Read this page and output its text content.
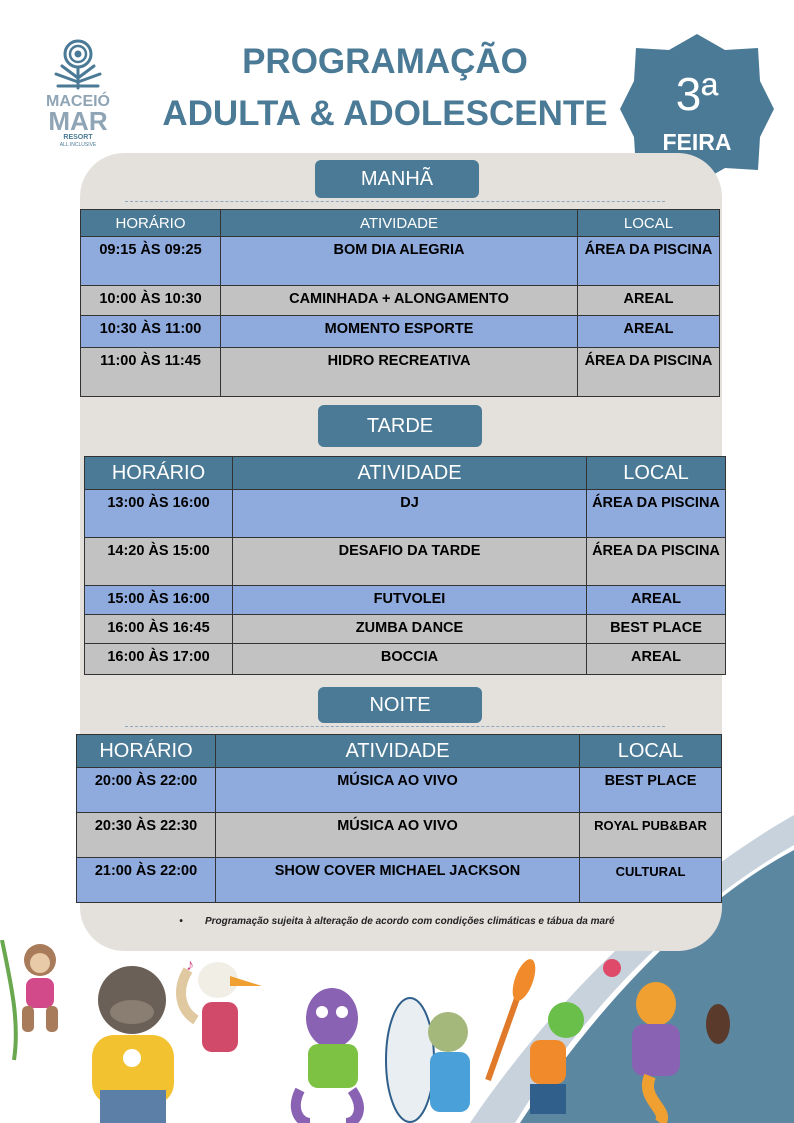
MACEIÓ
MAR
RESORT
ALL INCLUSIVE
PROGRAMAÇÃO
ADULTA & ADOLESCENTE 3ª
FEIRA
MANHÃ
HORÁRIO	ATIVIDADE	LOCAL
09:15 ÀS 09:25	BOM DIA ALEGRIA	ÁREA DA PISCINA
10:00 ÀS 10:30	CAMINHADA + ALONGAMENTO	AREAL
10:30 ÀS 11:00	MOMENTO ESPORTE	AREAL
11:00 ÀS 11:45	HIDRO RECREATIVA	ÁREA DA PISCINA
TARDE
HORÁRIO	ATIVIDADE	LOCAL
13:00 ÀS 16:00	DJ	ÁREA DA PISCINA
14:20 ÀS 15:00	DESAFIO DA TARDE	ÁREA DA PISCINA
15:00 ÀS 16:00	FUTVOLEI	AREAL
16:00 ÀS 16:45	ZUMBA DANCE	BEST PLACE
16:00 ÀS 17:00	BOCCIA	AREAL
NOITE
HORÁRIO	ATIVIDADE	LOCAL
20:00 ÀS 22:00	MÚSICA AO VIVO	BEST PLACE
20:30 ÀS 22:30	MÚSICA AO VIVO	ROYAL PUB&BAR
21:00 ÀS 22:00	SHOW COVER MICHAEL JACKSON	CULTURAL
• Programação sujeita à alteração de acordo com condições climáticas e tábua da maré
♪
